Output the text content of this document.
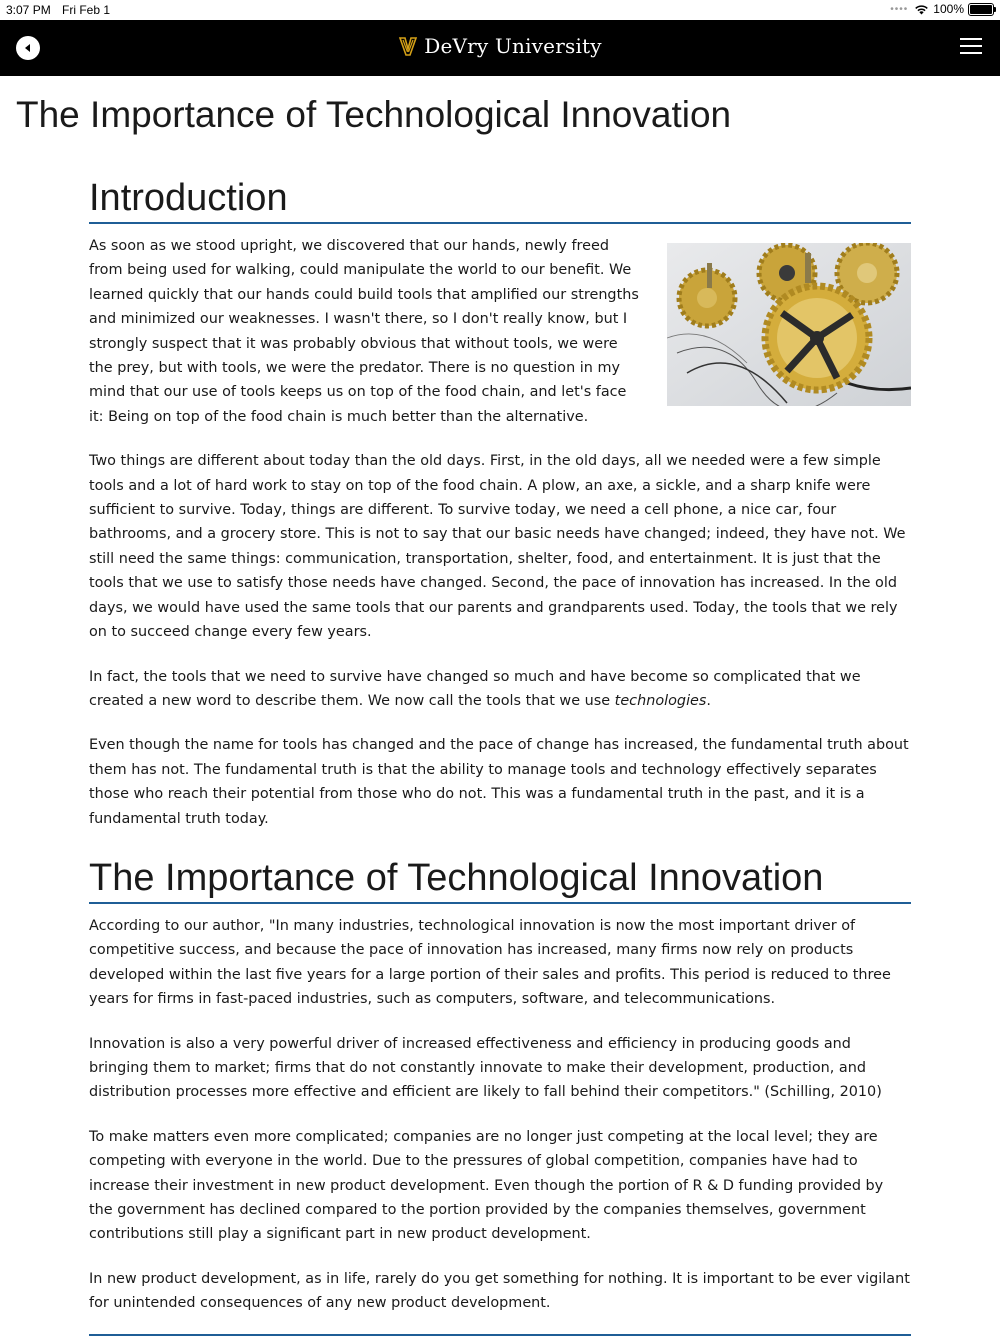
3:07 PM Fri Feb 1	•••• 100%
DeVry University
The Importance of Technological Innovation
Introduction

As soon as we stood upright, we discovered that our hands, newly freed from being used for walking, could manipulate the world to our benefit. We learned quickly that our hands could build tools that amplified our strengths and minimized our weaknesses. I wasn't there, so I don't really know, but I strongly suspect that it was probably obvious that without tools, we were the prey, but with tools, we were the predator. There is no question in my mind that our use of tools keeps us on top of the food chain, and let's face it: Being on top of the food chain is much better than the alternative.

Two things are different about today than the old days. First, in the old days, all we needed were a few simple tools and a lot of hard work to stay on top of the food chain. A plow, an axe, a sickle, and a sharp knife were sufficient to survive. Today, things are different. To survive today, we need a cell phone, a nice car, four bathrooms, and a grocery store. This is not to say that our basic needs have changed; indeed, they have not. We still need the same things: communication, transportation, shelter, food, and entertainment. It is just that the tools that we use to satisfy those needs have changed. Second, the pace of innovation has increased. In the old days, we would have used the same tools that our parents and grandparents used. Today, the tools that we rely on to succeed change every few years.

In fact, the tools that we need to survive have changed so much and have become so complicated that we created a new word to describe them. We now call the tools that we use technologies.

Even though the name for tools has changed and the pace of change has increased, the fundamental truth about them has not. The fundamental truth is that the ability to manage tools and technology effectively separates those who reach their potential from those who do not. This was a fundamental truth in the past, and it is a fundamental truth today.

The Importance of Technological Innovation

According to our author, "In many industries, technological innovation is now the most important driver of competitive success, and because the pace of innovation has increased, many firms now rely on products developed within the last five years for a large portion of their sales and profits. This period is reduced to three years for firms in fast-paced industries, such as computers, software, and telecommunications.

Innovation is also a very powerful driver of increased effectiveness and efficiency in producing goods and bringing them to market; firms that do not constantly innovate to make their development, production, and distribution processes more effective and efficient are likely to fall behind their competitors." (Schilling, 2010)

To make matters even more complicated; companies are no longer just competing at the local level; they are competing with everyone in the world. Due to the pressures of global competition, companies have had to increase their investment in new product development. Even though the portion of R & D funding provided by the government has declined compared to the portion provided by the companies themselves, government contributions still play a significant part in new product development.

In new product development, as in life, rarely do you get something for nothing. It is important to be ever vigilant for unintended consequences of any new product development.
